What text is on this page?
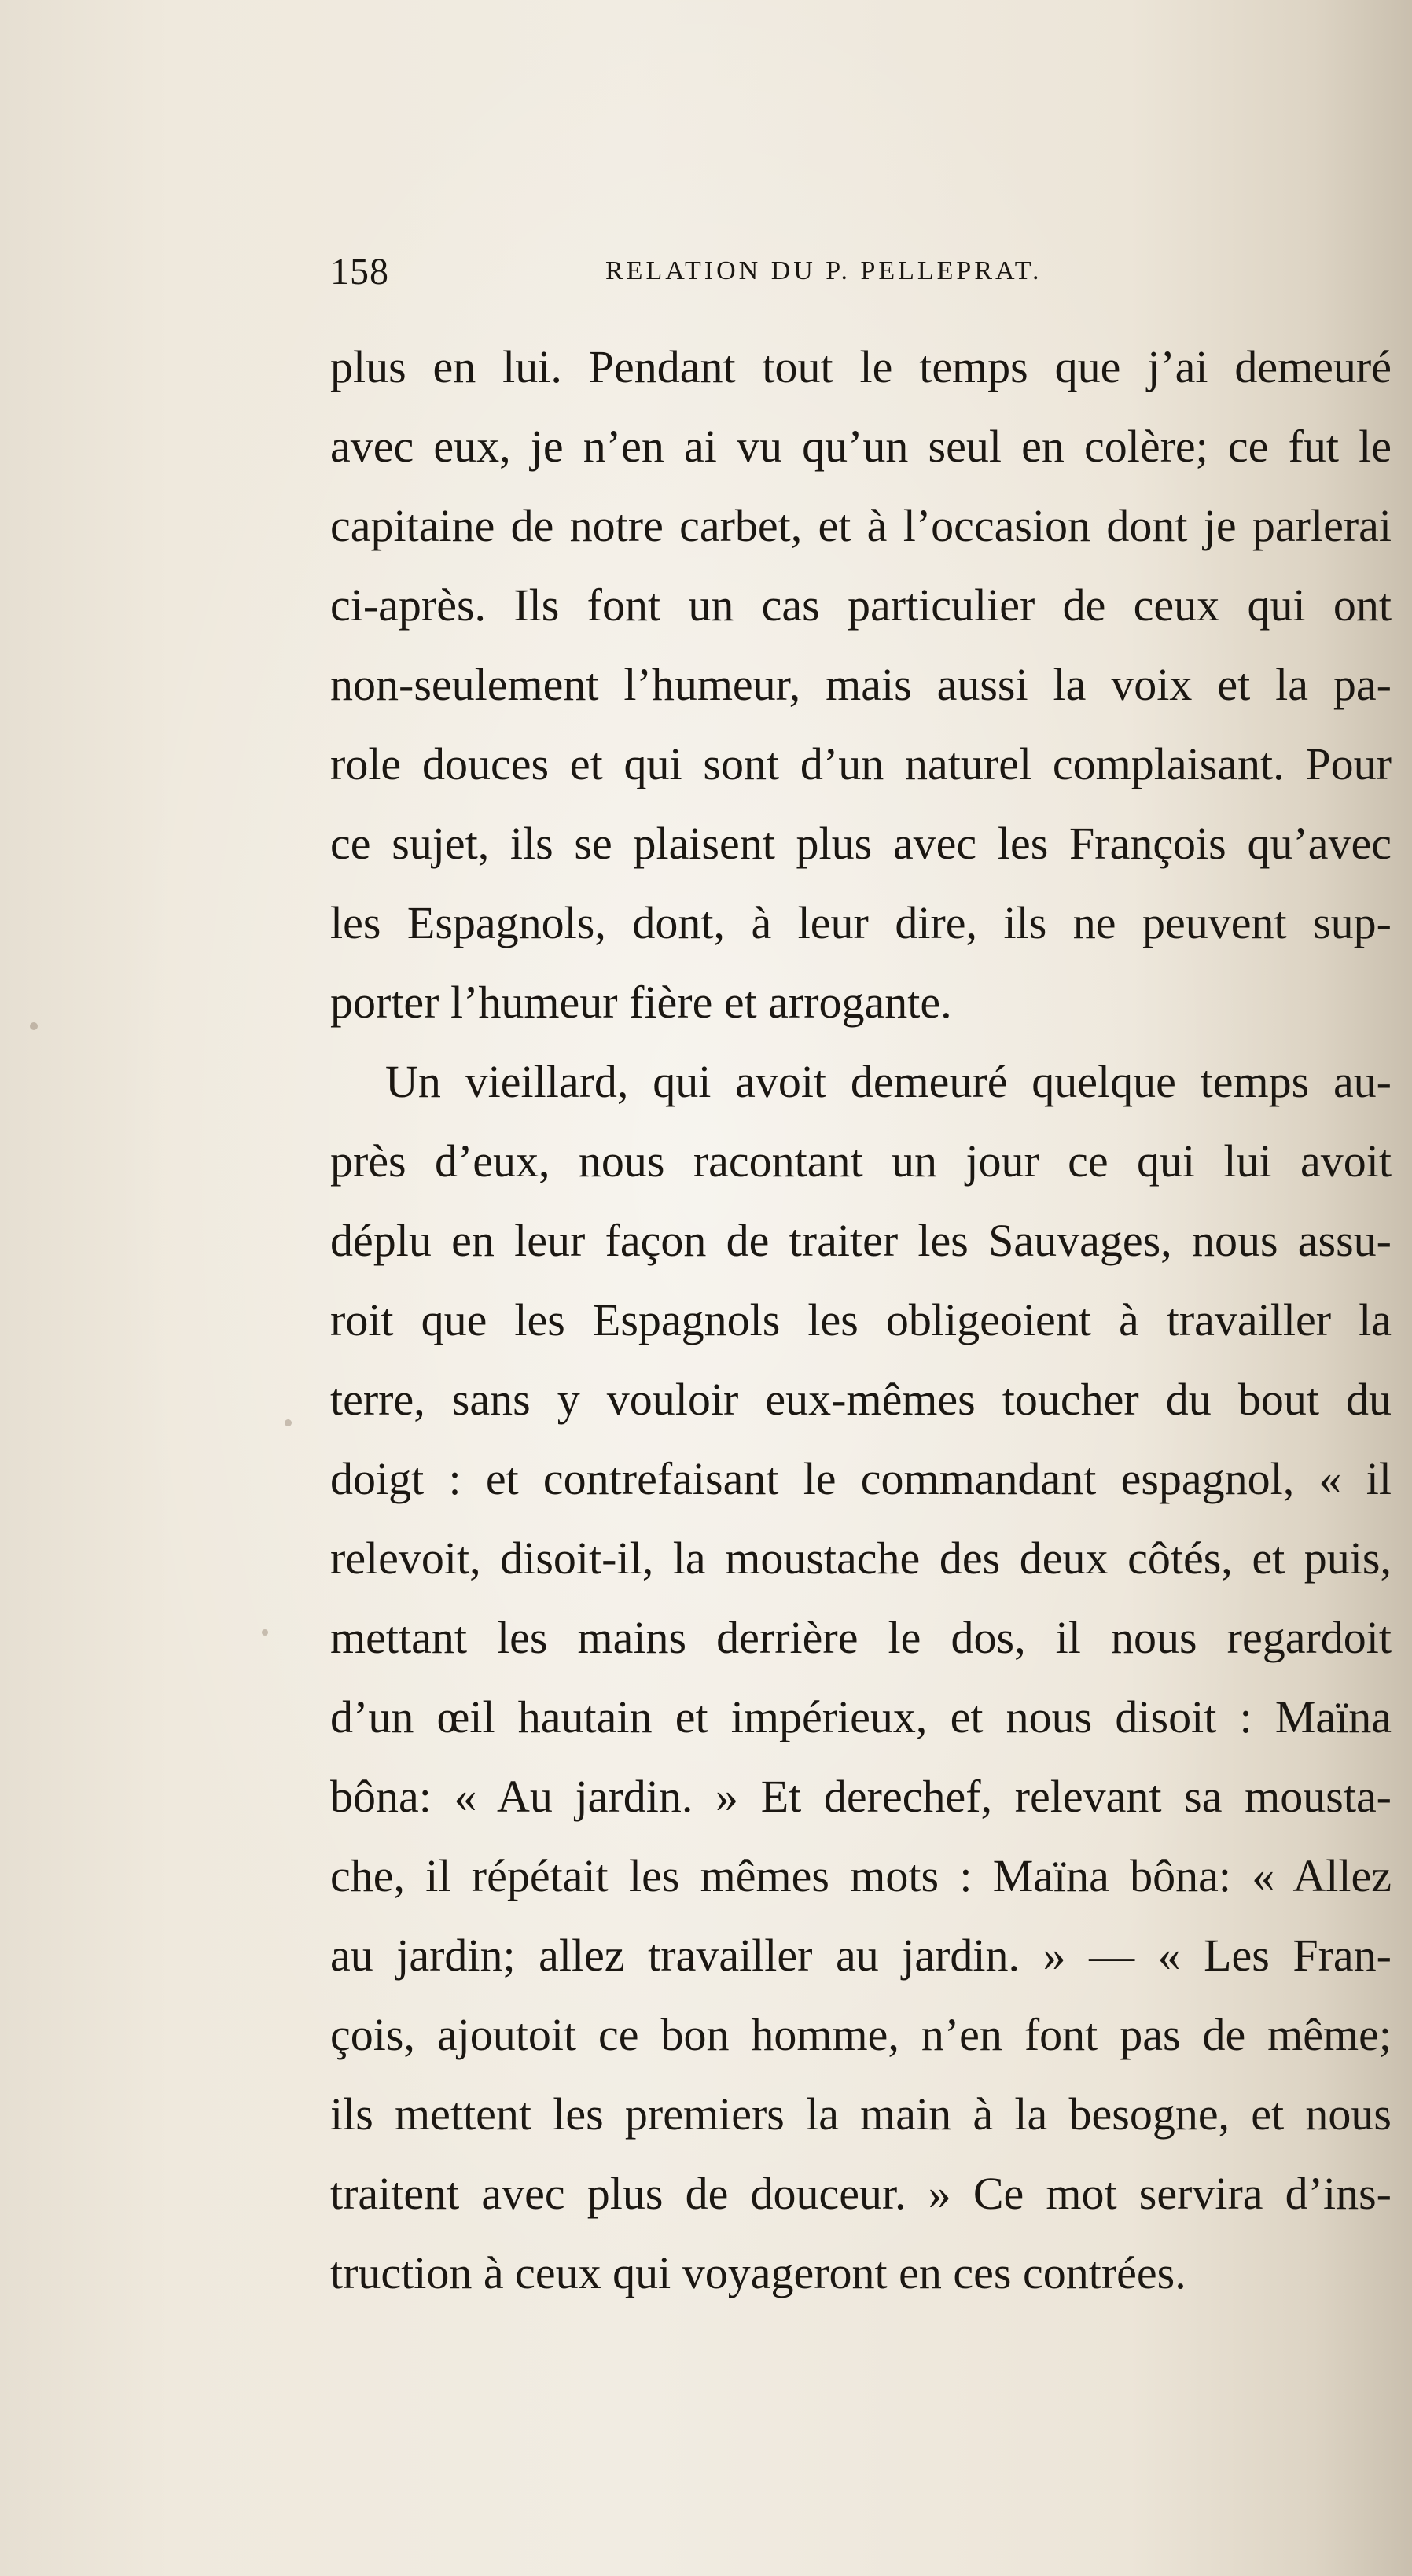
158	RELATION DU P. PELLEPRAT.
plus en lui. Pendant tout le temps que j’ai demeuré
avec eux, je n’en ai vu qu’un seul en colère; ce fut le
capitaine de notre carbet, et à l’occasion dont je parlerai
ci-après. Ils font un cas particulier de ceux qui ont
non-seulement l’humeur, mais aussi la voix et la pa-
role douces et qui sont d’un naturel complaisant. Pour
ce sujet, ils se plaisent plus avec les François qu’avec
les Espagnols, dont, à leur dire, ils ne peuvent sup-
porter l’humeur fière et arrogante.
Un vieillard, qui avoit demeuré quelque temps au-
près d’eux, nous racontant un jour ce qui lui avoit
déplu en leur façon de traiter les Sauvages, nous assu-
roit que les Espagnols les obligeoient à travailler la
terre, sans y vouloir eux-mêmes toucher du bout du
doigt : et contrefaisant le commandant espagnol, « il
relevoit, disoit-il, la moustache des deux côtés, et puis,
mettant les mains derrière le dos, il nous regardoit
d’un œil hautain et impérieux, et nous disoit : Maïna
bôna: « Au jardin. » Et derechef, relevant sa mousta-
che, il répétait les mêmes mots : Maïna bôna: « Allez
au jardin; allez travailler au jardin. » — « Les Fran-
çois, ajoutoit ce bon homme, n’en font pas de même;
ils mettent les premiers la main à la besogne, et nous
traitent avec plus de douceur. » Ce mot servira d’ins-
truction à ceux qui voyageront en ces contrées.
